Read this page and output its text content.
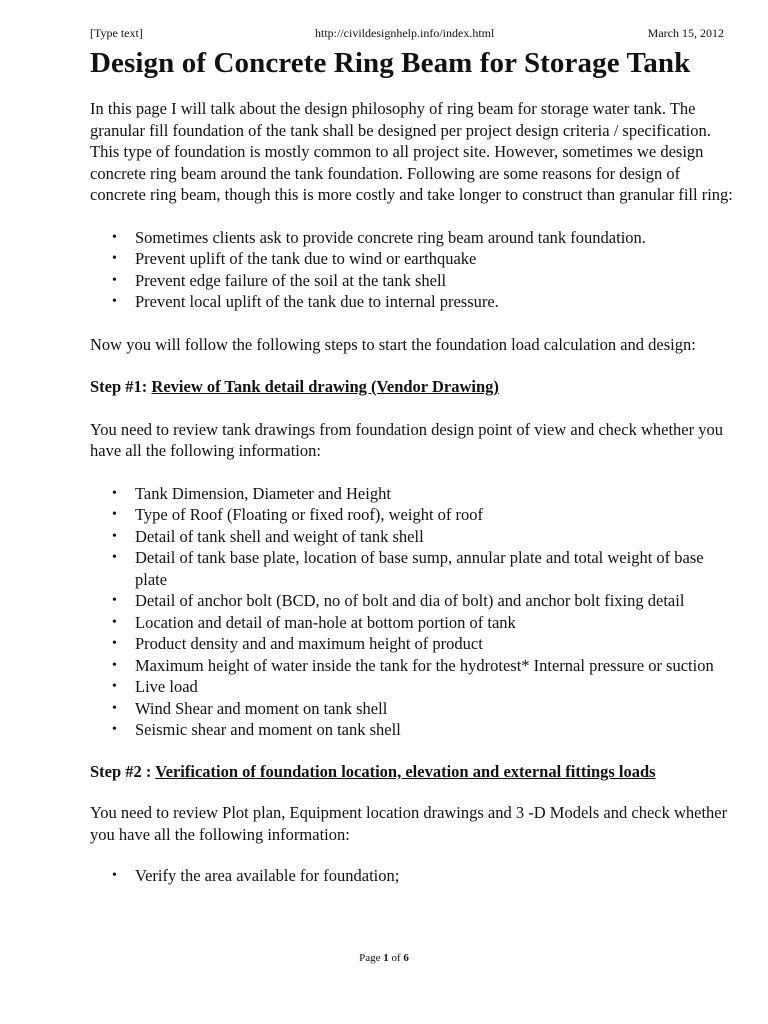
[Type text]	http://civildesignhelp.info/index.html	March 15, 2012
Design of Concrete Ring Beam for Storage Tank

In this page I will talk about the design philosophy of ring beam for storage water tank. The granular fill foundation of the tank shall be designed per project design criteria / specification. This type of foundation is mostly common to all project site. However, sometimes we design concrete ring beam around the tank foundation. Following are some reasons for design of concrete ring beam, though this is more costly and take longer to construct than granular fill ring:

• Sometimes clients ask to provide concrete ring beam around tank foundation.
• Prevent uplift of the tank due to wind or earthquake
• Prevent edge failure of the soil at the tank shell
• Prevent local uplift of the tank due to internal pressure.

Now you will follow the following steps to start the foundation load calculation and design:

Step #1: Review of Tank detail drawing (Vendor Drawing)

You need to review tank drawings from foundation design point of view and check whether you have all the following information:

• Tank Dimension, Diameter and Height
• Type of Roof (Floating or fixed roof), weight of roof
• Detail of tank shell and weight of tank shell
• Detail of tank base plate, location of base sump, annular plate and total weight of base plate
• Detail of anchor bolt (BCD, no of bolt and dia of bolt) and anchor bolt fixing detail
• Location and detail of man-hole at bottom portion of tank
• Product density and and maximum height of product
• Maximum height of water inside the tank for the hydrotest* Internal pressure or suction
• Live load
• Wind Shear and moment on tank shell
• Seismic shear and moment on tank shell

Step #2 : Verification of foundation location, elevation and external fittings loads

You need to review Plot plan, Equipment location drawings and 3 -D Models and check whether you have all the following information:

• Verify the area available for foundation;
Page 1 of 6
